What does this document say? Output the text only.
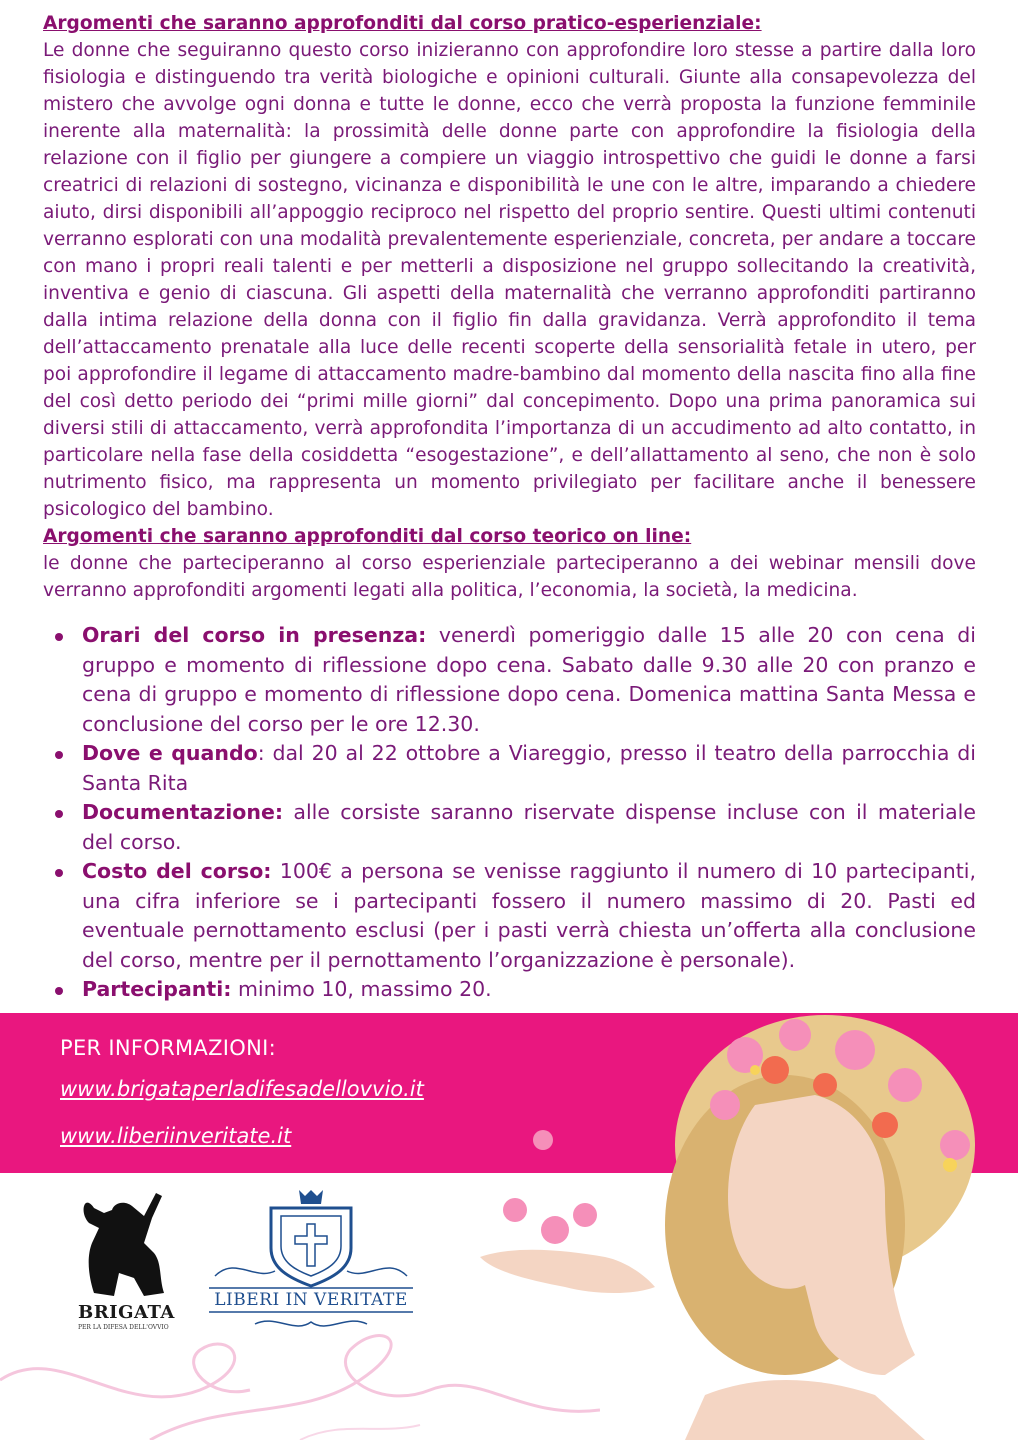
Argomenti che saranno approfonditi dal corso pratico-esperienziale:
Le donne che seguiranno questo corso inizieranno con approfondire loro stesse a partire dalla loro fisiologia e distinguendo tra verità biologiche e opinioni culturali. Giunte alla consapevolezza del mistero che avvolge ogni donna e tutte le donne, ecco che verrà proposta la funzione femminile inerente alla maternalità: la prossimità delle donne parte con approfondire la fisiologia della relazione con il figlio per giungere a compiere un viaggio introspettivo che guidi le donne a farsi creatrici di relazioni di sostegno, vicinanza e disponibilità le une con le altre, imparando a chiedere aiuto, dirsi disponibili all’appoggio reciproco nel rispetto del proprio sentire. Questi ultimi contenuti verranno esplorati con una modalità prevalentemente esperienziale, concreta, per andare a toccare con mano i propri reali talenti e per metterli a disposizione nel gruppo sollecitando la creatività, inventiva e genio di ciascuna. Gli aspetti della maternalità che verranno approfonditi partiranno dalla intima relazione della donna con il figlio fin dalla gravidanza. Verrà approfondito il tema dell’attaccamento prenatale alla luce delle recenti scoperte della sensorialità fetale in utero, per poi approfondire il legame di attaccamento madre-bambino dal momento della nascita fino alla fine del così detto periodo dei “primi mille giorni” dal concepimento. Dopo una prima panoramica sui diversi stili di attaccamento, verrà approfondita l’importanza di un accudimento ad alto contatto, in particolare nella fase della cosiddetta “esogestazione”, e dell’allattamento al seno, che non è solo nutrimento fisico, ma rappresenta un momento privilegiato per facilitare anche il benessere psicologico del bambino.
Argomenti che saranno approfonditi dal corso teorico on line:
le donne che parteciperanno al corso esperienziale parteciperanno a dei webinar mensili dove verranno approfonditi argomenti legati alla politica, l’economia, la società, la medicina.
Orari del corso in presenza: venerdì pomeriggio dalle 15 alle 20 con cena di gruppo e momento di riflessione dopo cena. Sabato dalle 9.30 alle 20 con pranzo e cena di gruppo e momento di riflessione dopo cena. Domenica mattina Santa Messa e conclusione del corso per le ore 12.30.
Dove e quando: dal 20 al 22 ottobre a Viareggio, presso il teatro della parrocchia di Santa Rita
Documentazione: alle corsiste saranno riservate dispense incluse con il materiale del corso.
Costo del corso: 100€ a persona se venisse raggiunto il numero di 10 partecipanti, una cifra inferiore se i partecipanti fossero il numero massimo di 20. Pasti ed eventuale pernottamento esclusi (per i pasti verrà chiesta un’offerta alla conclusione del corso, mentre per il pernottamento l’organizzazione è personale).
Partecipanti: minimo 10, massimo 20.
PER INFORMAZIONI:
www.brigataperladifesadellovvio.it
www.liberiinveritate.it
BRIGATA
PER LA DIFESA DELL'OVVIO
LIBERI IN VERITATE
